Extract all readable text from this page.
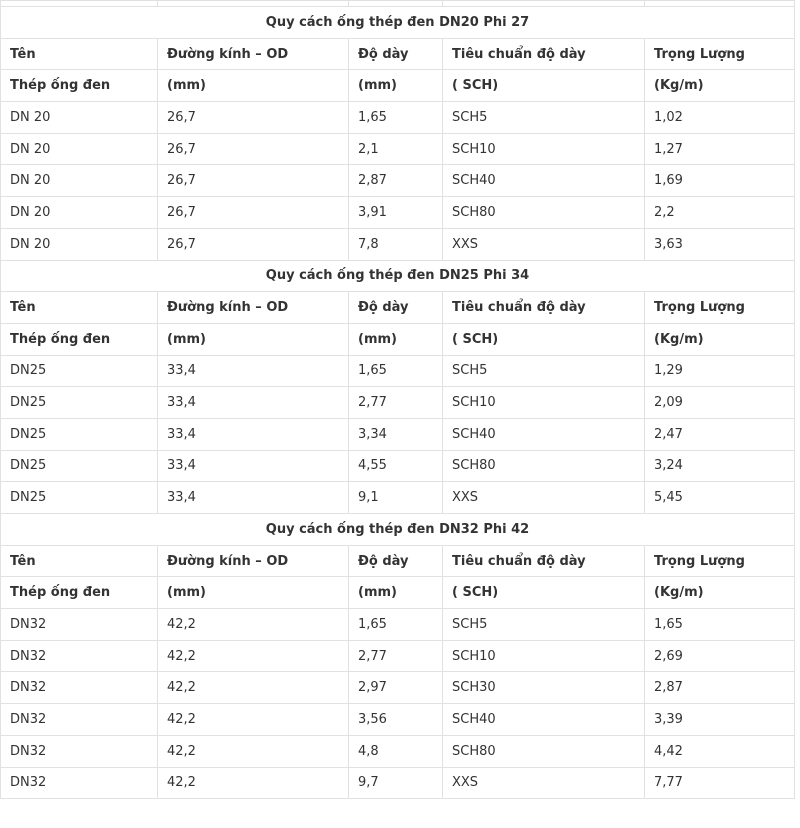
Quy cách ống thép đen DN20 Phi 27				
Tên	Đường kính – OD	Độ dày	Tiêu chuẩn độ dày	Trọng Lượng
Thép ống đen	(mm)	(mm)	( SCH)	(Kg/m)
DN 20	26,7	1,65	SCH5	1,02
DN 20	26,7	2,1	SCH10	1,27
DN 20	26,7	2,87	SCH40	1,69
DN 20	26,7	3,91	SCH80	2,2
DN 20	26,7	7,8	XXS	3,63
Quy cách ống thép đen DN25 Phi 34				
Tên	Đường kính – OD	Độ dày	Tiêu chuẩn độ dày	Trọng Lượng
Thép ống đen	(mm)	(mm)	( SCH)	(Kg/m)
DN25	33,4	1,65	SCH5	1,29
DN25	33,4	2,77	SCH10	2,09
DN25	33,4	3,34	SCH40	2,47
DN25	33,4	4,55	SCH80	3,24
DN25	33,4	9,1	XXS	5,45
Quy cách ống thép đen DN32 Phi 42				
Tên	Đường kính – OD	Độ dày	Tiêu chuẩn độ dày	Trọng Lượng
Thép ống đen	(mm)	(mm)	( SCH)	(Kg/m)
DN32	42,2	1,65	SCH5	1,65
DN32	42,2	2,77	SCH10	2,69
DN32	42,2	2,97	SCH30	2,87
DN32	42,2	3,56	SCH40	3,39
DN32	42,2	4,8	SCH80	4,42
DN32	42,2	9,7	XXS	7,77
